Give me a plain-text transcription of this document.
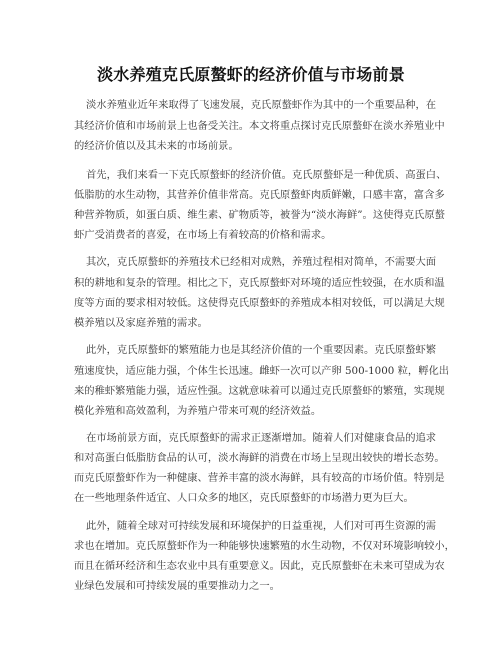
淡水养殖克氏原螯虾的经济价值与市场前景
淡水养殖业近年来取得了飞速发展，克氏原螯虾作为其中的一个重要品种，在
其经济价值和市场前景上也备受关注。本文将重点探讨克氏原螯虾在淡水养殖业中
的经济价值以及其未来的市场前景。
首先，我们来看一下克氏原螯虾的经济价值。克氏原螯虾是一种优质、高蛋白、
低脂肪的水生动物，其营养价值非常高。克氏原螯虾肉质鲜嫩，口感丰富，富含多
种营养物质，如蛋白质、维生素、矿物质等，被誉为“淡水海鲜”。这使得克氏原螯
虾广受消费者的喜爱，在市场上有着较高的价格和需求。
其次，克氏原螯虾的养殖技术已经相对成熟，养殖过程相对简单，不需要大面
积的耕地和复杂的管理。相比之下，克氏原螯虾对环境的适应性较强，在水质和温
度等方面的要求相对较低。这使得克氏原螯虾的养殖成本相对较低，可以满足大规
模养殖以及家庭养殖的需求。
此外，克氏原螯虾的繁殖能力也是其经济价值的一个重要因素。克氏原螯虾繁
殖速度快，适应能力强，个体生长迅速。雌虾一次可以产卵 500-1000 粒，孵化出
来的稚虾繁殖能力强，适应性强。这就意味着可以通过克氏原螯虾的繁殖，实现规
模化养殖和高效盈利，为养殖户带来可观的经济效益。
在市场前景方面，克氏原螯虾的需求正逐渐增加。随着人们对健康食品的追求
和对高蛋白低脂肪食品的认可，淡水海鲜的消费在市场上呈现出较快的增长态势。
而克氏原螯虾作为一种健康、营养丰富的淡水海鲜，具有较高的市场价值。特别是
在一些地理条件适宜、人口众多的地区，克氏原螯虾的市场潜力更为巨大。
此外，随着全球对可持续发展和环境保护的日益重视，人们对可再生资源的需
求也在增加。克氏原螯虾作为一种能够快速繁殖的水生动物，不仅对环境影响较小，
而且在循环经济和生态农业中具有重要意义。因此，克氏原螯虾在未来可望成为农
业绿色发展和可持续发展的重要推动力之一。
